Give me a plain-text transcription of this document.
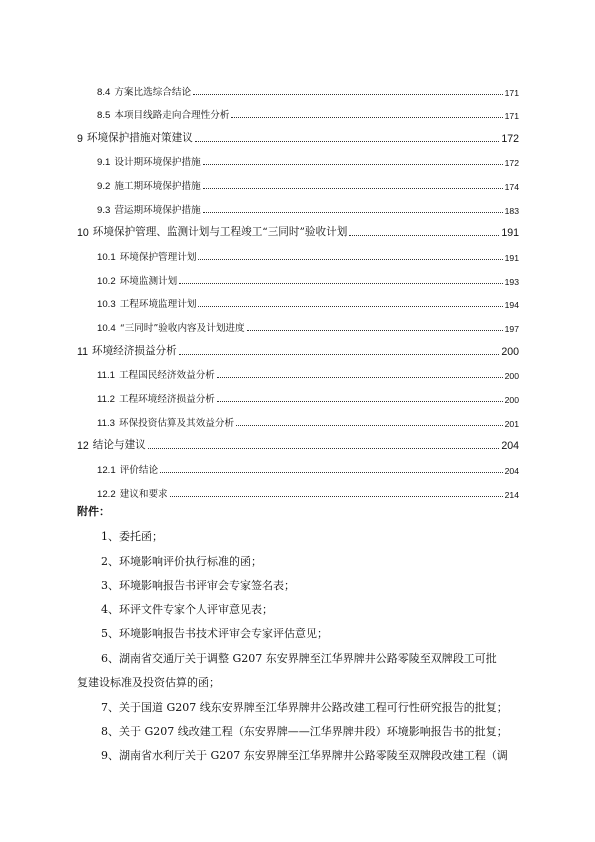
8.4 方案比选综合结论	171
8.5 本项目线路走向合理性分析	171
9 环境保护措施对策建议	172
9.1 设计期环境保护措施	172
9.2 施工期环境保护措施	174
9.3 营运期环境保护措施	183
10 环境保护管理、监测计划与工程竣工“三同时”验收计划	191
10.1 环境保护管理计划	191
10.2 环境监测计划	193
10.3 工程环境监理计划	194
10.4 “三同时”验收内容及计划进度	197
11 环境经济损益分析	200
11.1 工程国民经济效益分析	200
11.2 工程环境经济损益分析	200
11.3 环保投资估算及其效益分析	201
12 结论与建议	204
12.1 评价结论	204
12.2 建议和要求	214
附件：
1、委托函；
2、环境影响评价执行标准的函；
3、环境影响报告书评审会专家签名表；
4、环评文件专家个人评审意见表；
5、环境影响报告书技术评审会专家评估意见；
6、湖南省交通厅关于调整 G207 东安界牌至江华界牌井公路零陵至双牌段工可批
复建设标准及投资估算的函；
7、关于国道 G207 线东安界牌至江华界牌井公路改建工程可行性研究报告的批复；
8、关于 G207 线改建工程（东安界牌——江华界牌井段）环境影响报告书的批复；
9、湖南省水利厅关于 G207 东安界牌至江华界牌井公路零陵至双牌段改建工程（调
